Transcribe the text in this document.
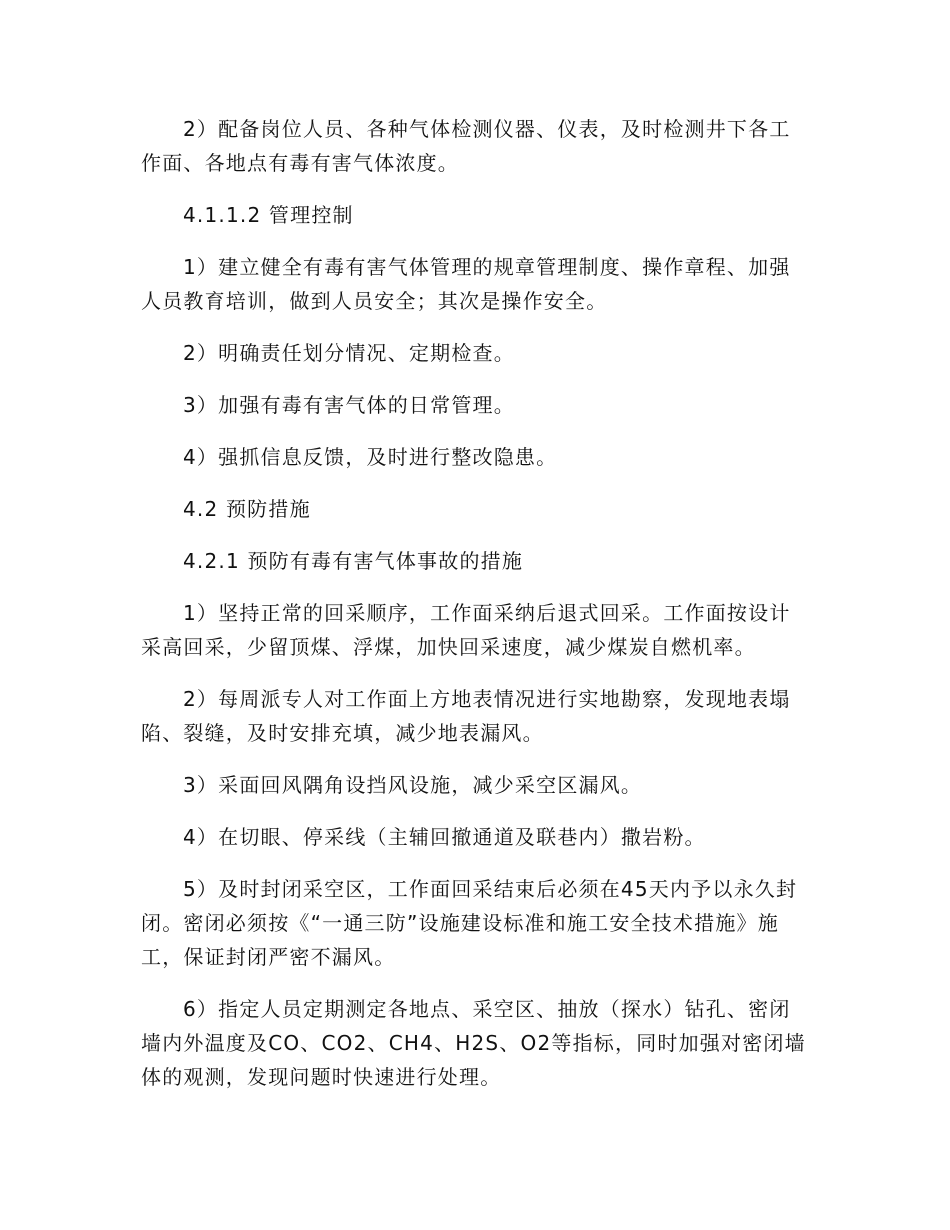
2）配备岗位人员、各种气体检测仪器、仪表，及时检测井下各工作面、各地点有毒有害气体浓度。

4.1.1.2 管理控制

1）建立健全有毒有害气体管理的规章管理制度、操作章程、加强人员教育培训，做到人员安全；其次是操作安全。

2）明确责任划分情况、定期检查。

3）加强有毒有害气体的日常管理。

4）强抓信息反馈，及时进行整改隐患。

4.2 预防措施

4.2.1 预防有毒有害气体事故的措施

1）坚持正常的回采顺序，工作面采纳后退式回采。工作面按设计采高回采，少留顶煤、浮煤，加快回采速度，减少煤炭自燃机率。

2）每周派专人对工作面上方地表情况进行实地勘察，发现地表塌陷、裂缝，及时安排充填，减少地表漏风。

3）采面回风隅角设挡风设施，减少采空区漏风。

4）在切眼、停采线（主辅回撤通道及联巷内）撒岩粉。

5）及时封闭采空区，工作面回采结束后必须在45天内予以永久封闭。密闭必须按《“一通三防”设施建设标准和施工安全技术措施》施工，保证封闭严密不漏风。

6）指定人员定期测定各地点、采空区、抽放（探水）钻孔、密闭墙内外温度及CO、CO2、CH4、H2S、O2等指标，同时加强对密闭墙体的观测，发现问题时快速进行处理。
